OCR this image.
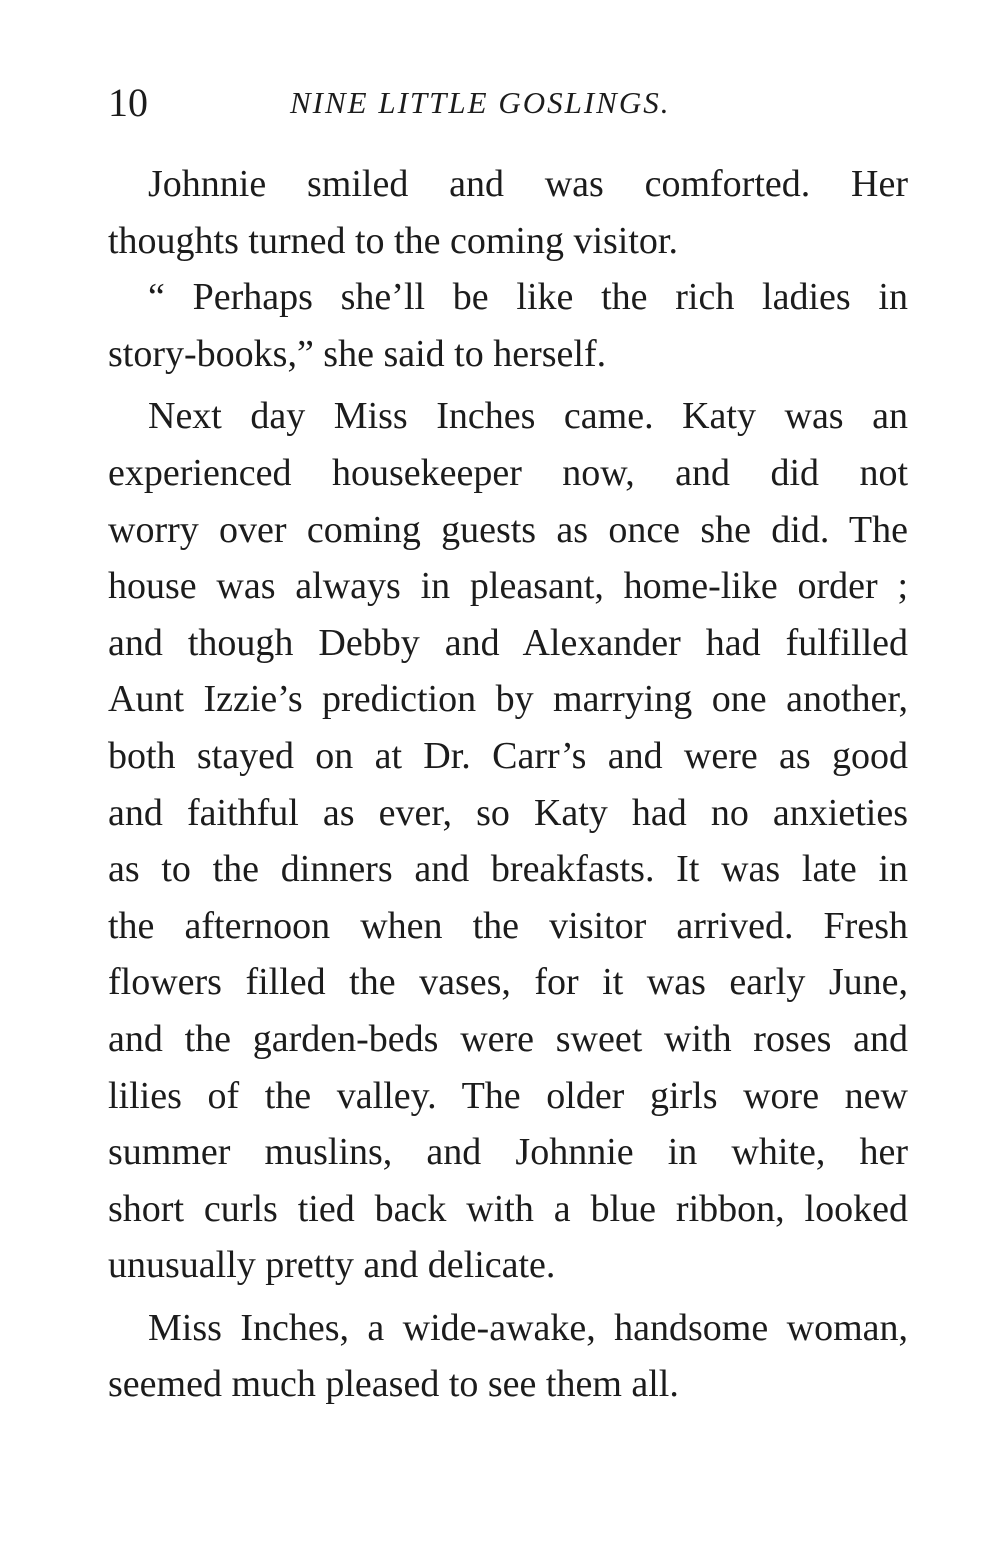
10	NINE LITTLE GOSLINGS.

Johnnie smiled and was comforted. Her
thoughts turned to the coming visitor.

“ Perhaps she’ll be like the rich ladies in
story-books,” she said to herself.

Next day Miss Inches came. Katy was an
experienced housekeeper now, and did not
worry over coming guests as once she did. The
house was always in pleasant, home-like order ;
and though Debby and Alexander had fulfilled
Aunt Izzie’s prediction by marrying one another,
both stayed on at Dr. Carr’s and were as good
and faithful as ever, so Katy had no anxieties
as to the dinners and breakfasts. It was late in
the afternoon when the visitor arrived. Fresh
flowers filled the vases, for it was early June,
and the garden-beds were sweet with roses and
lilies of the valley. The older girls wore new
summer muslins, and Johnnie in white, her
short curls tied back with a blue ribbon, looked
unusually pretty and delicate.

Miss Inches, a wide-awake, handsome woman,
seemed much pleased to see them all.
